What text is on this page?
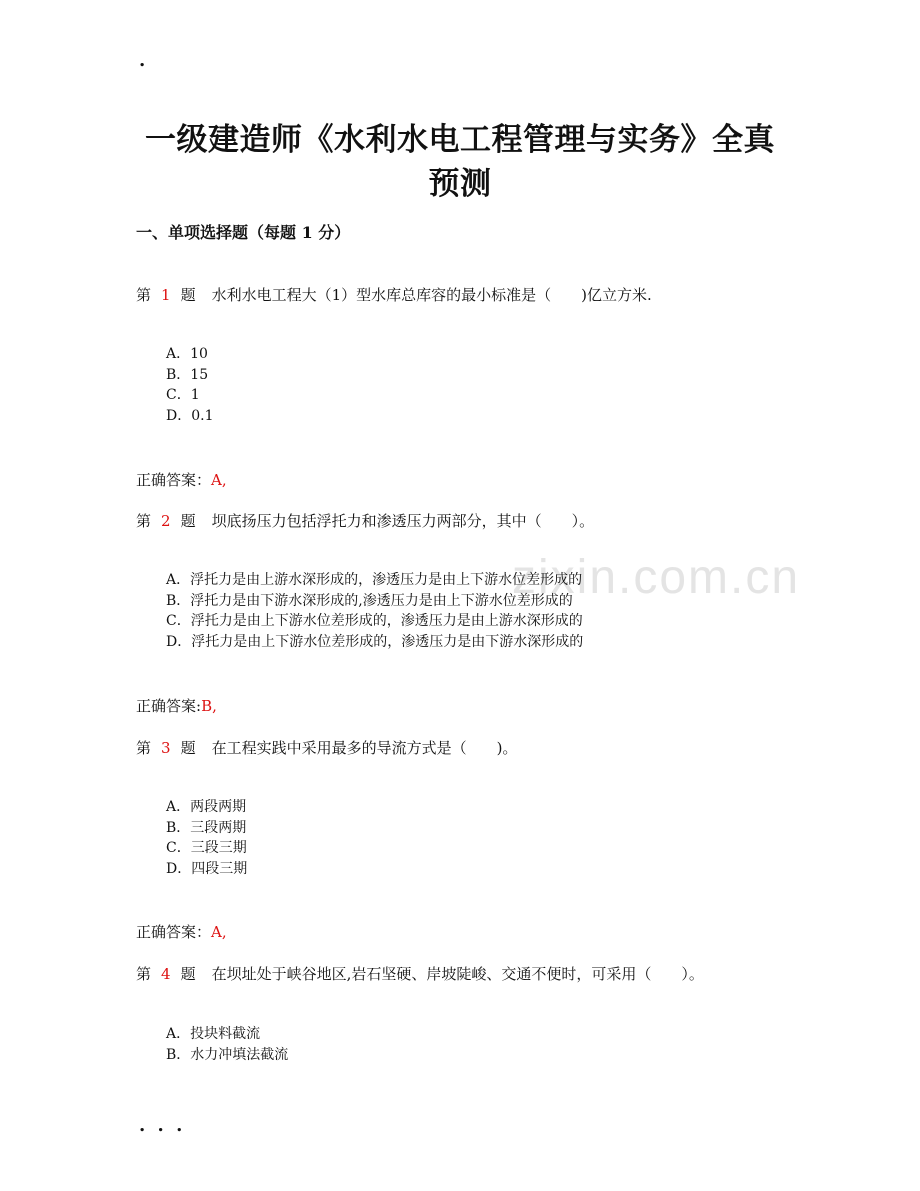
.
一级建造师《水利水电工程管理与实务》全真
预测
一、单项选择题（每题 1 分）
zixin.com.cn
第 1 题 水利水电工程大（1）型水库总库容的最小标准是（　　)亿立方米.
A．10
B．15
C．1
D．0.1
正确答案：A,
第 2 题 坝底扬压力包括浮托力和渗透压力两部分，其中（　　）。
A．浮托力是由上游水深形成的，渗透压力是由上下游水位差形成的
B．浮托力是由下游水深形成的,渗透压力是由上下游水位差形成的
C．浮托力是由上下游水位差形成的，渗透压力是由上游水深形成的
D．浮托力是由上下游水位差形成的，渗透压力是由下游水深形成的
正确答案:B,
第 3 题 在工程实践中采用最多的导流方式是（　　)。
A．两段两期
B．三段两期
C．三段三期
D．四段三期
正确答案：A,
第 4 题 在坝址处于峡谷地区,岩石坚硬、岸坡陡峻、交通不便时，可采用（　　）。
A．投块料截流
B．水力冲填法截流
. . .
